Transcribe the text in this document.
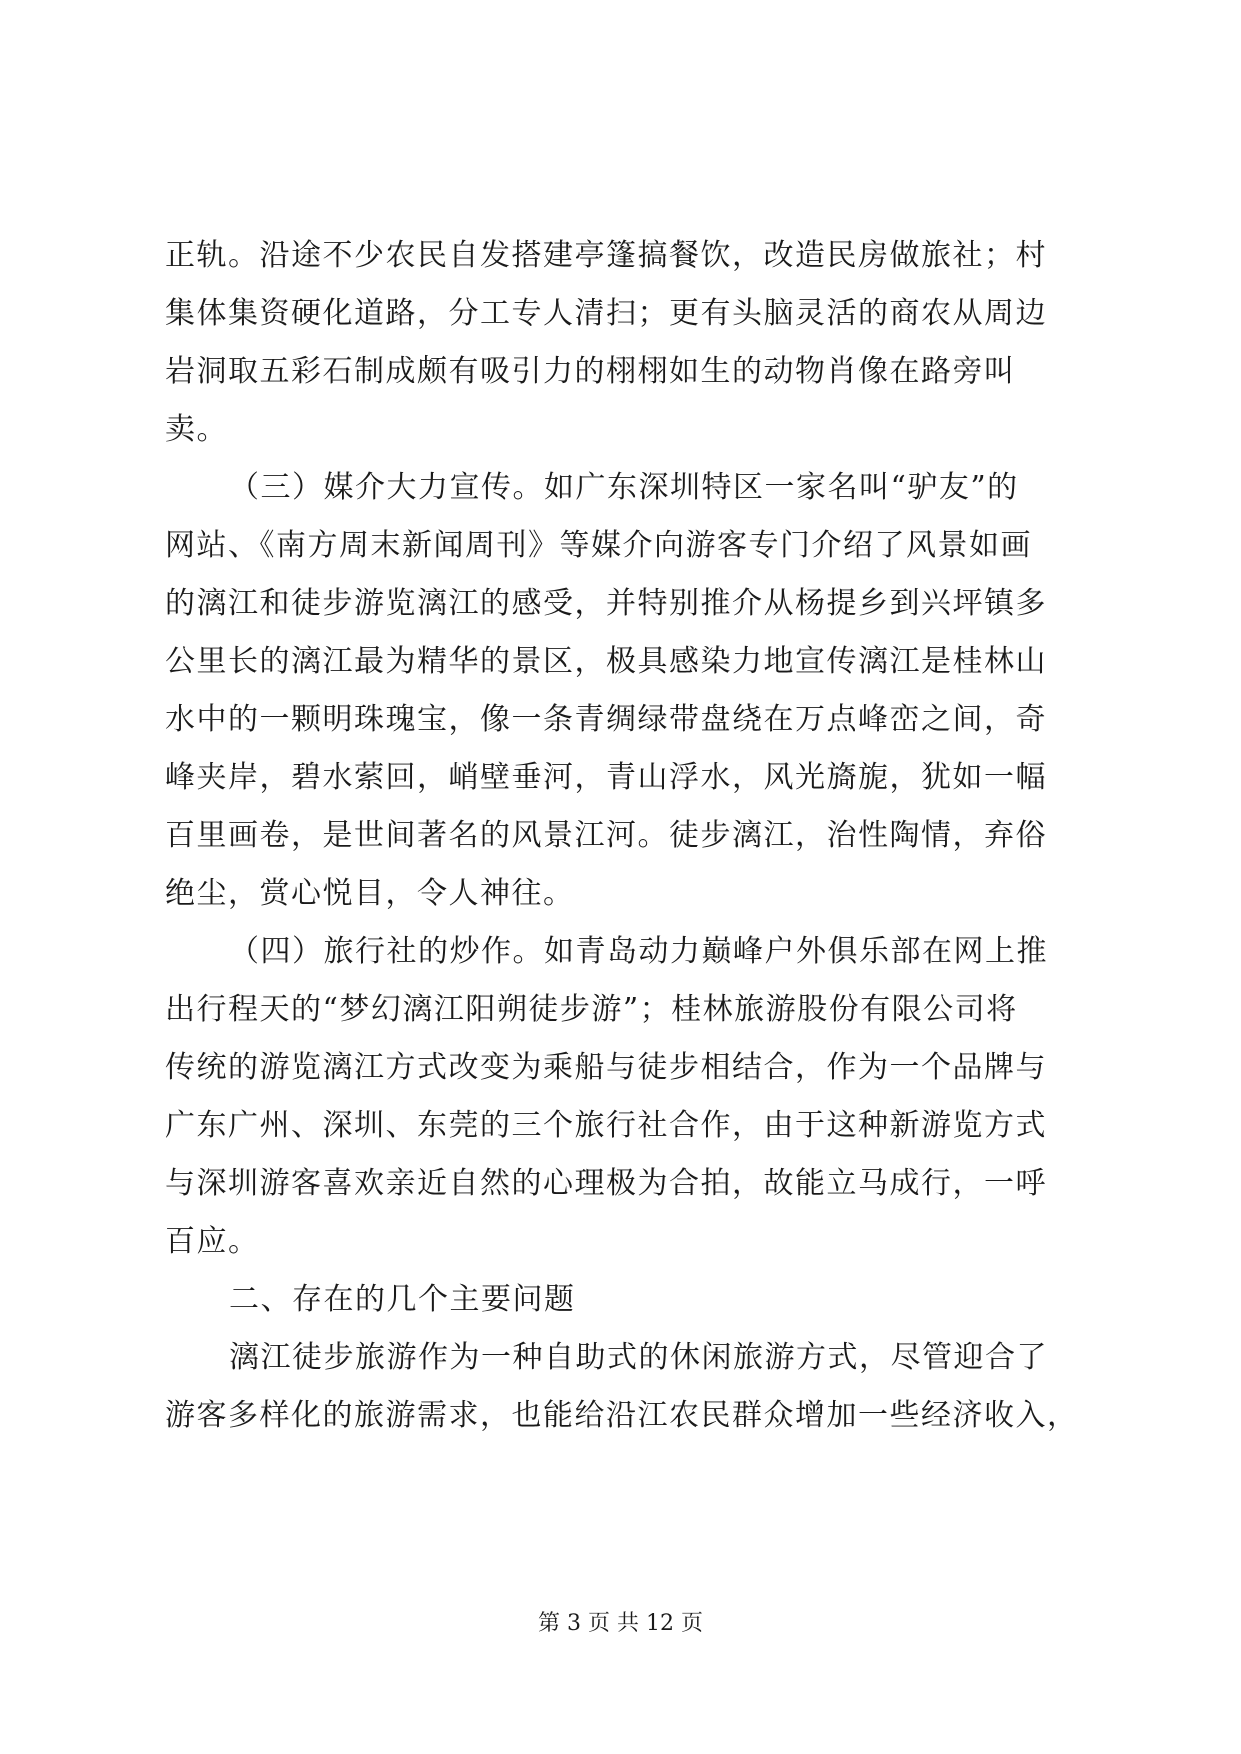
正轨。沿途不少农民自发搭建亭篷搞餐饮，改造民房做旅社；村
集体集资硬化道路，分工专人清扫；更有头脑灵活的商农从周边
岩洞取五彩石制成颇有吸引力的栩栩如生的动物肖像在路旁叫
卖。
（三）媒介大力宣传。如广东深圳特区一家名叫“驴友”的
网站、《南方周末新闻周刊》等媒介向游客专门介绍了风景如画
的漓江和徒步游览漓江的感受，并特别推介从杨提乡到兴坪镇多
公里长的漓江最为精华的景区，极具感染力地宣传漓江是桂林山
水中的一颗明珠瑰宝，像一条青绸绿带盘绕在万点峰峦之间，奇
峰夹岸，碧水萦回，峭壁垂河，青山浮水，风光旖旎，犹如一幅
百里画卷，是世间著名的风景江河。徒步漓江，治性陶情，弃俗
绝尘，赏心悦目，令人神往。
（四）旅行社的炒作。如青岛动力巅峰户外俱乐部在网上推
出行程天的“梦幻漓江阳朔徒步游”；桂林旅游股份有限公司将
传统的游览漓江方式改变为乘船与徒步相结合，作为一个品牌与
广东广州、深圳、东莞的三个旅行社合作，由于这种新游览方式
与深圳游客喜欢亲近自然的心理极为合拍，故能立马成行，一呼
百应。
二、存在的几个主要问题
漓江徒步旅游作为一种自助式的休闲旅游方式，尽管迎合了
游客多样化的旅游需求，也能给沿江农民群众增加一些经济收入，
第 3 页 共 12 页
